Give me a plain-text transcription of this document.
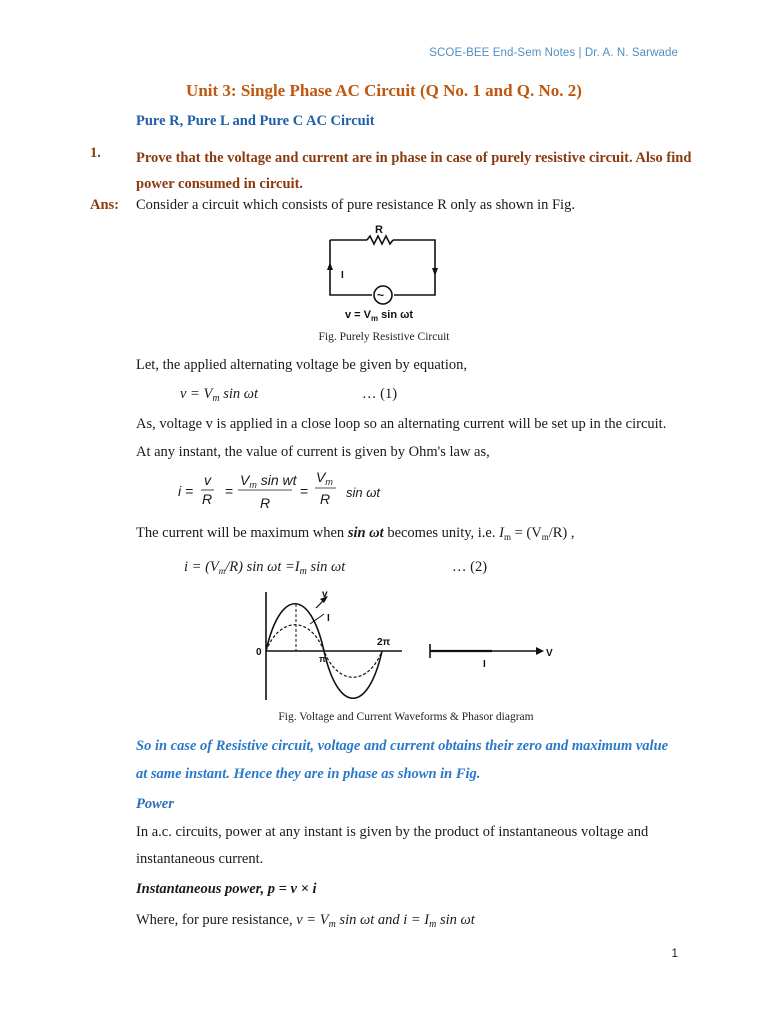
SCOE-BEE End-Sem Notes | Dr. A. N. Sarwade
Unit 3: Single Phase AC Circuit (Q No. 1 and Q. No. 2)
Pure R, Pure L and Pure C AC Circuit
1. Prove that the voltage and current are in phase in case of purely resistive circuit. Also find power consumed in circuit.
Ans: Consider a circuit which consists of pure resistance R only as shown in Fig.
R
I
~
$v = V_m$ sin ωt
Fig. Purely Resistive Circuit
Let, the applied alternating voltage be given by equation,
$v = V_m$ sin ωt	… (1)
As, voltage v is applied in a close loop so an alternating current will be set up in the circuit.
At any instant, the value of current is given by Ohm's law as,
i =
v
R =
$V_m$ sin wt
R
=
$V_m$
R sin ωt
The current will be maximum when sin ωt becomes unity, i.e. $I_m = (V_m/R)$ ,
$i = (V_m/R)$ $\sin \omega t =I_m$ sin ωt	… (2)
v
I
2π
π
0	V
I
Fig. Voltage and Current Waveforms & Phasor diagram
So in case of Resistive circuit, voltage and current obtains their zero and maximum value
at same instant. Hence they are in phase as shown in Fig.
Power
In a.c. circuits, power at any instant is given by the product of instantaneous voltage and
instantaneous current.
Instantaneous power, p = v × i
Where, for pure resistance, $v = V_m$ sin ωt and $i = I_m$ sin ωt
1
